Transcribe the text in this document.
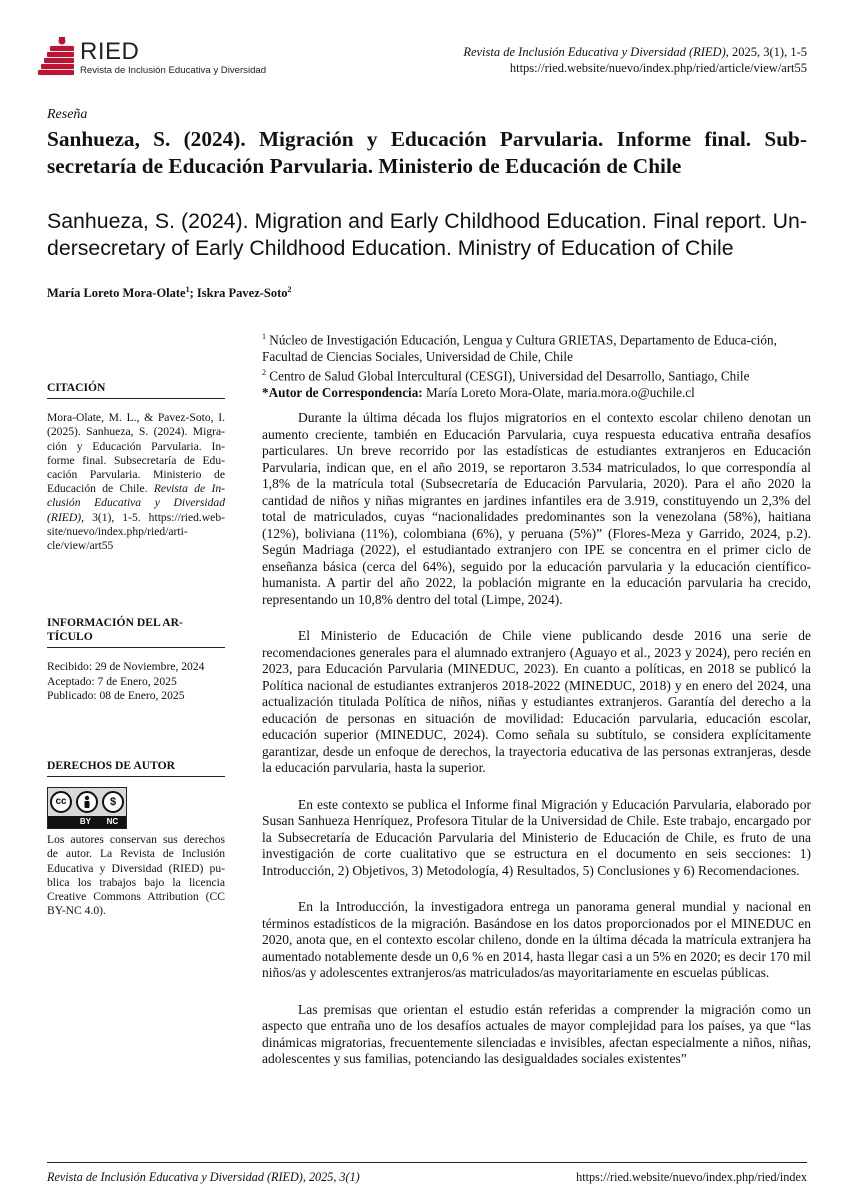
RIED
Revista de Inclusión Educativa y Diversidad
Revista de Inclusión Educativa y Diversidad (RIED), 2025, 3(1), 1-5
https://ried.website/nuevo/index.php/ried/article/view/art55
Reseña
Sanhueza, S. (2024). Migración y Educación Parvularia. Informe final. Sub-secretaría de Educación Parvularia. Ministerio de Educación de Chile
Sanhueza, S. (2024). Migration and Early Childhood Education. Final report. Un-dersecretary of Early Childhood Education. Ministry of Education of Chile
María Loreto Mora-Olate$^1$; Iskra Pavez-Soto$^2$
$^1$ Núcleo de Investigación Educación, Lengua y Cultura GRIETAS, Departamento de Educa-ción, Facultad de Ciencias Sociales, Universidad de Chile, Chile
$^2$ Centro de Salud Global Intercultural (CESGI), Universidad del Desarrollo, Santiago, Chile
*Autor de Correspondencia: María Loreto Mora-Olate, maria.mora.o@uchile.cl
CITACIÓN
Mora-Olate, M. L., & Pavez-Soto, I. (2025). Sanhueza, S. (2024). Migra-ción y Educación Parvularia. In-forme final. Subsecretaría de Edu-cación Parvularia. Ministerio de Educación de Chile. Revista de In-clusión Educativa y Diversidad (RIED), 3(1), 1-5. https://ried.web-site/nuevo/index.php/ried/arti-cle/view/art55
INFORMACIÓN DEL AR-TÍCULO
Recibido: 29 de Noviembre, 2024
Aceptado: 7 de Enero, 2025
Publicado: 08 de Enero, 2025
DERECHOS DE AUTOR
cc	$
BY NC
Los autores conservan sus derechos de autor. La Revista de Inclusión Educativa y Diversidad (RIED) pu-blica los trabajos bajo la licencia Creative Commons Attribution (CC BY-NC 4.0).

Durante la última década los flujos migratorios en el contexto escolar chileno denotan un aumento creciente, también en Educación Parvularia, cuya respuesta educativa entraña desafíos particulares. Un breve recorrido por las estadísticas de estudiantes extranjeros en Educación Parvularia, indican que, en el año 2019, se reportaron 3.534 matriculados, lo que correspondía al 1,8% de la matrícula total (Subsecretaría de Educación Parvularia, 2020). Para el año 2020 la cantidad de niños y niñas migrantes en jardines infantiles era de 3.919, constituyendo un 2,3% del total de matriculados, cuyas “nacionalidades predominantes son la venezolana (58%), haitiana (12%), boliviana (11%), colombiana (6%), y peruana (5%)” (Flores-Meza y Garrido, 2024, p.2). Según Madriaga (2022), el estudiantado extranjero con IPE se concentra en el primer ciclo de enseñanza básica (cerca del 64%), seguido por la educación parvularia y la educación científico-humanista. A partir del año 2022, la población migrante en la educación parvularia ha crecido, representando un 10,8% dentro del total (Limpe, 2024).

El Ministerio de Educación de Chile viene publicando desde 2016 una serie de recomendaciones generales para el alumnado extranjero (Aguayo et al., 2023 y 2024), pero recién en 2023, para Educación Parvularia (MINEDUC, 2023). En cuanto a políticas, en 2018 se publicó la Política nacional de estudiantes extranjeros 2018-2022 (MINEDUC, 2018) y en enero del 2024, una actualización titulada Política de niños, niñas y estudiantes extranjeros. Garantía del derecho a la educación de personas en situación de movilidad: Educación parvularia, educación escolar, educación superior (MINEDUC, 2024). Como señala su subtítulo, se considera explícitamente garantizar, desde un enfoque de derechos, la trayectoria educativa de las personas extranjeras, desde la educación parvularia, hasta la superior.

En este contexto se publica el Informe final Migración y Educación Parvularia, elaborado por Susan Sanhueza Henríquez, Profesora Titular de la Universidad de Chile. Este trabajo, encargado por la Subsecretaría de Educación Parvularia del Ministerio de Educación de Chile, es fruto de una investigación de corte cualitativo que se estructura en el documento en seis secciones: 1) Introducción, 2) Objetivos, 3) Metodología, 4) Resultados, 5) Conclusiones y 6) Recomendaciones.

En la Introducción, la investigadora entrega un panorama general mundial y nacional en términos estadísticos de la migración. Basándose en los datos proporcionados por el MINEDUC en 2020, anota que, en el contexto escolar chileno, donde en la última década la matrícula extranjera ha aumentado notablemente desde un 0,6 % en 2014, hasta llegar casi a un 5% en 2020; es decir 170 mil niños/as y adolescentes extranjeros/as matriculados/as mayoritariamente en escuelas públicas.

Las premisas que orientan el estudio están referidas a comprender la migración como un aspecto que entraña uno de los desafíos actuales de mayor complejidad para los países, ya que “las dinámicas migratorias, frecuentemente silenciadas e invisibles, afectan especialmente a niños, niñas, adolescentes y sus familias, potenciando las desigualdades sociales existentes”

Revista de Inclusión Educativa y Diversidad (RIED), 2025, 3(1)	https://ried.website/nuevo/index.php/ried/index
